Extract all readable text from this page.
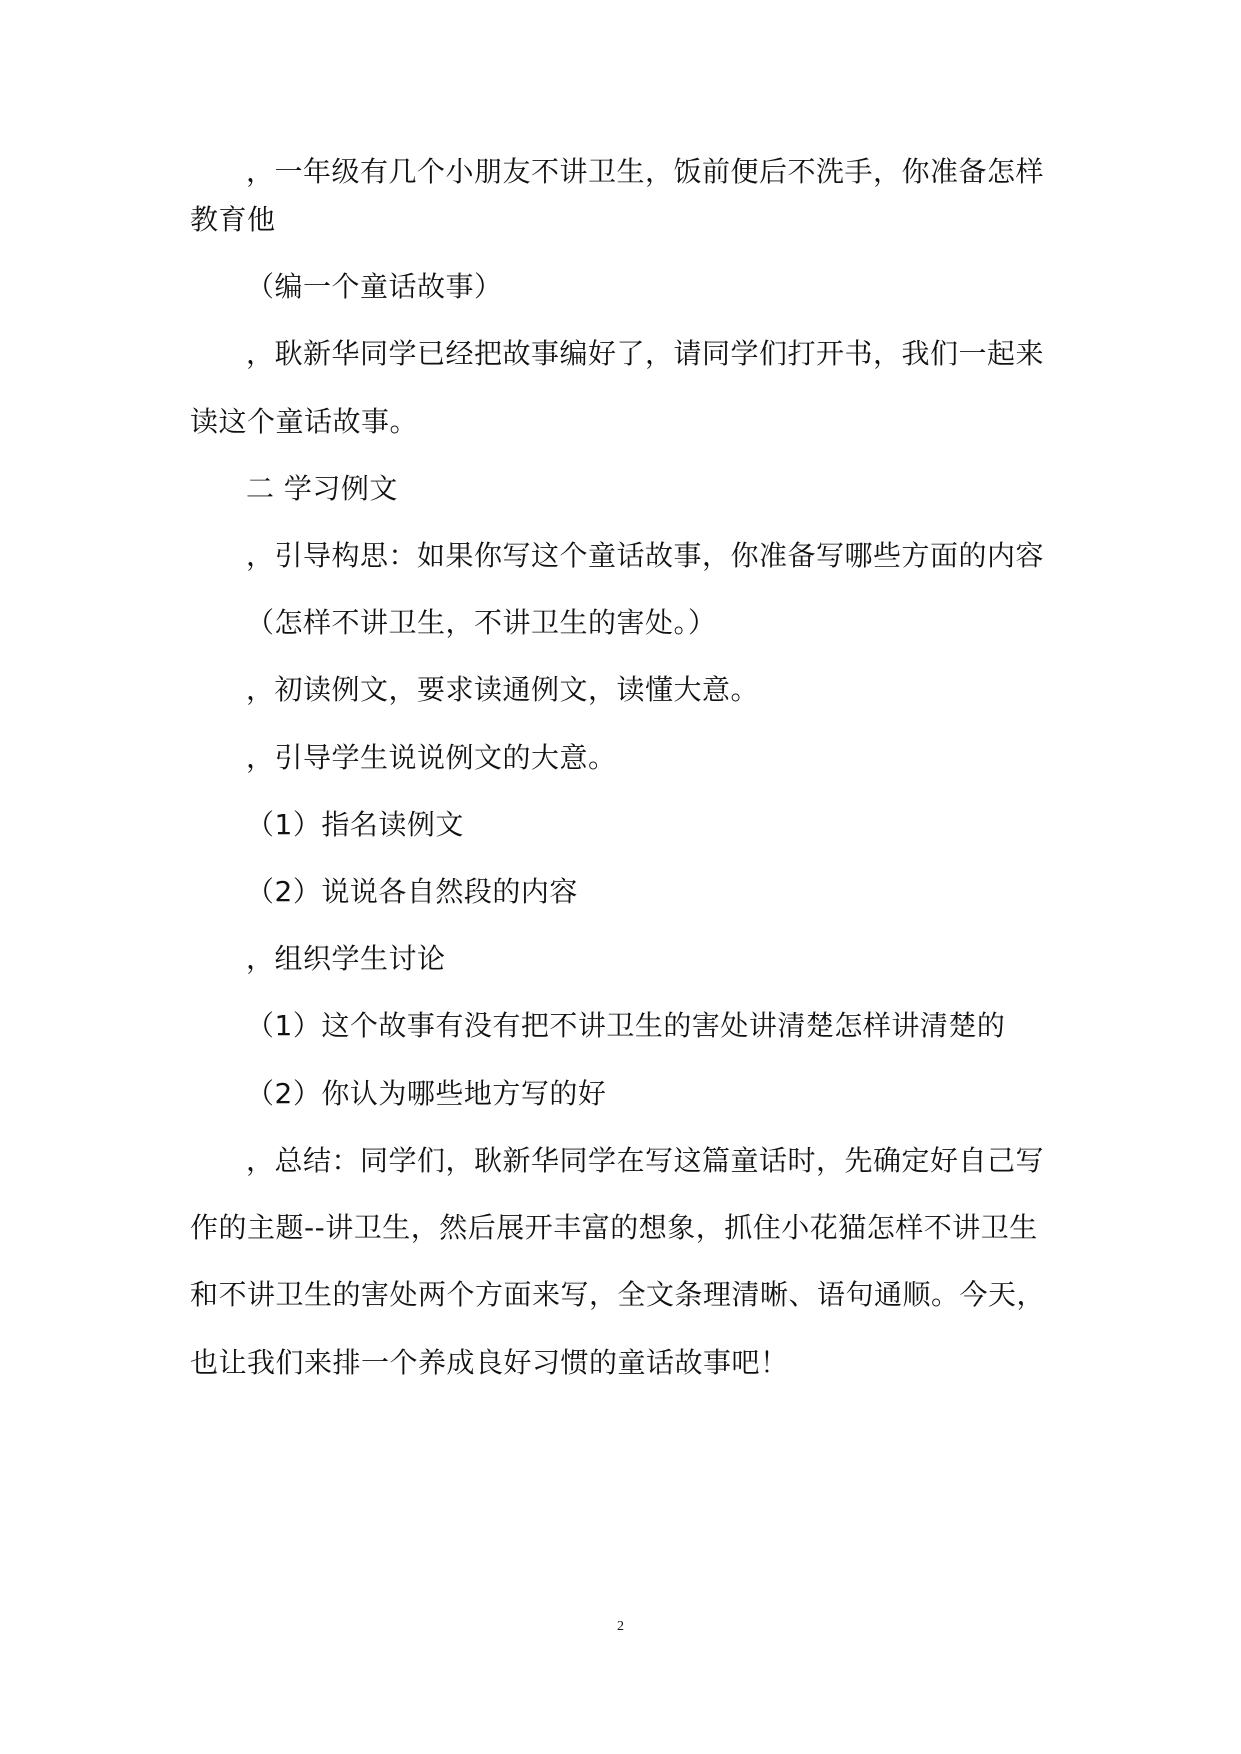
，一年级有几个小朋友不讲卫生，饭前便后不洗手，你准备怎样
教育他
（编一个童话故事）
，耿新华同学已经把故事编好了，请同学们打开书，我们一起来
读这个童话故事。
二 学习例文
，引导构思：如果你写这个童话故事，你准备写哪些方面的内容
（怎样不讲卫生，不讲卫生的害处。）
，初读例文，要求读通例文，读懂大意。
，引导学生说说例文的大意。
（1）指名读例文
（2）说说各自然段的内容
，组织学生讨论
（1）这个故事有没有把不讲卫生的害处讲清楚怎样讲清楚的
（2）你认为哪些地方写的好
，总结：同学们，耿新华同学在写这篇童话时，先确定好自己写
作的主题--讲卫生，然后展开丰富的想象，抓住小花猫怎样不讲卫生
和不讲卫生的害处两个方面来写，全文条理清晰、语句通顺。今天，
也让我们来排一个养成良好习惯的童话故事吧！
2
